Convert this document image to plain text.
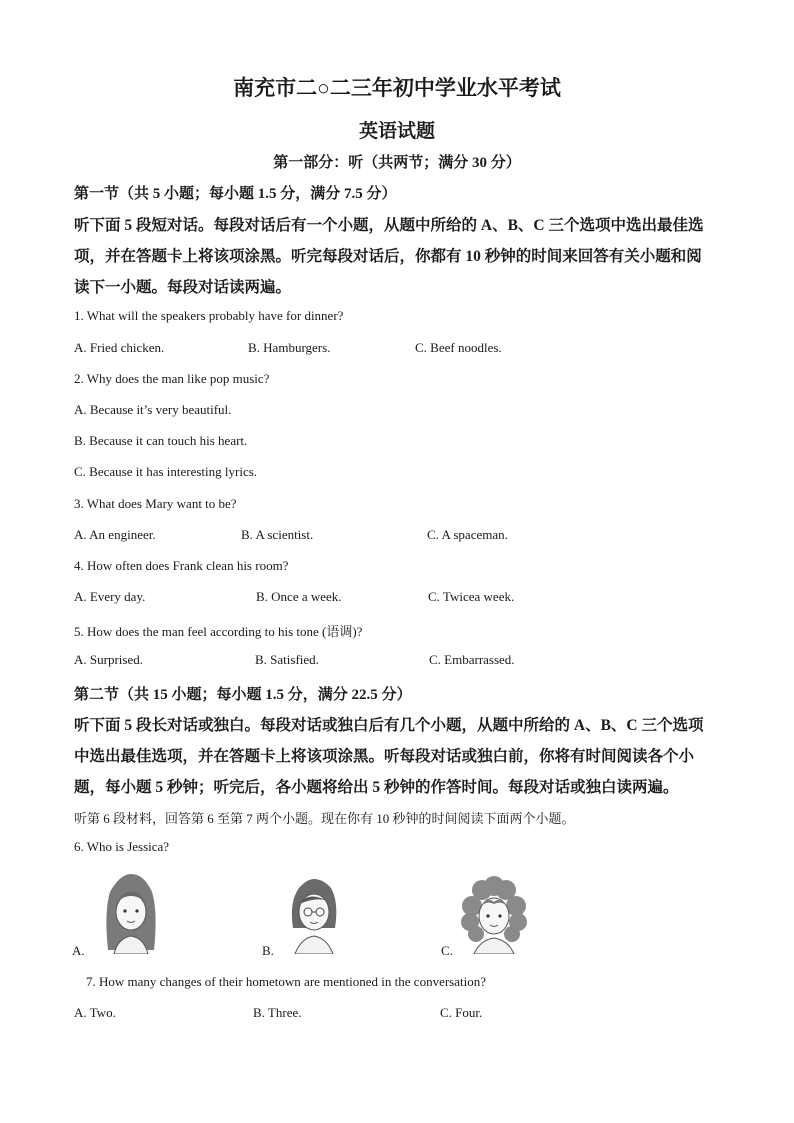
南充市二○二三年初中学业水平考试
英语试题
第一部分：听（共两节；满分 30 分）
第一节（共 5 小题；每小题 1.5 分，满分 7.5 分）
听下面 5 段短对话。每段对话后有一个小题，从题中所给的 A、B、C 三个选项中选出最佳选
项，并在答题卡上将该项涂黑。听完每段对话后，你都有 10 秒钟的时间来回答有关小题和阅
读下一小题。每段对话读两遍。
1. What will the speakers probably have for dinner?
A. Fried chicken.	B. Hamburgers.	C. Beef noodles.
2. Why does the man like pop music?
A. Because it’s very beautiful.
B. Because it can touch his heart.
C. Because it has interesting lyrics.
3. What does Mary want to be?
A. An engineer.	B. A scientist.	C. A spaceman.
4. How often does Frank clean his room?
A. Every day.	B. Once a week.	C. Twicea week.
5. How does the man feel according to his tone (语调)?
A. Surprised.	B. Satisfied.	C. Embarrassed.
第二节（共 15 小题；每小题 1.5 分，满分 22.5 分）
听下面 5 段长对话或独白。每段对话或独白后有几个小题，从题中所给的 A、B、C 三个选项
中选出最佳选项，并在答题卡上将该项涂黑。听每段对话或独白前，你将有时间阅读各个小
题，每小题 5 秒钟；听完后，各小题将给出 5 秒钟的作答时间。每段对话或独白读两遍。
听第 6 段材料，回答第 6 至第 7 两个小题。现在你有 10 秒钟的时间阅读下面两个小题。
6. Who is Jessica?
A.	B.	C.
7. How many changes of their hometown are mentioned in the conversation?
A. Two.	B. Three.	C. Four.
